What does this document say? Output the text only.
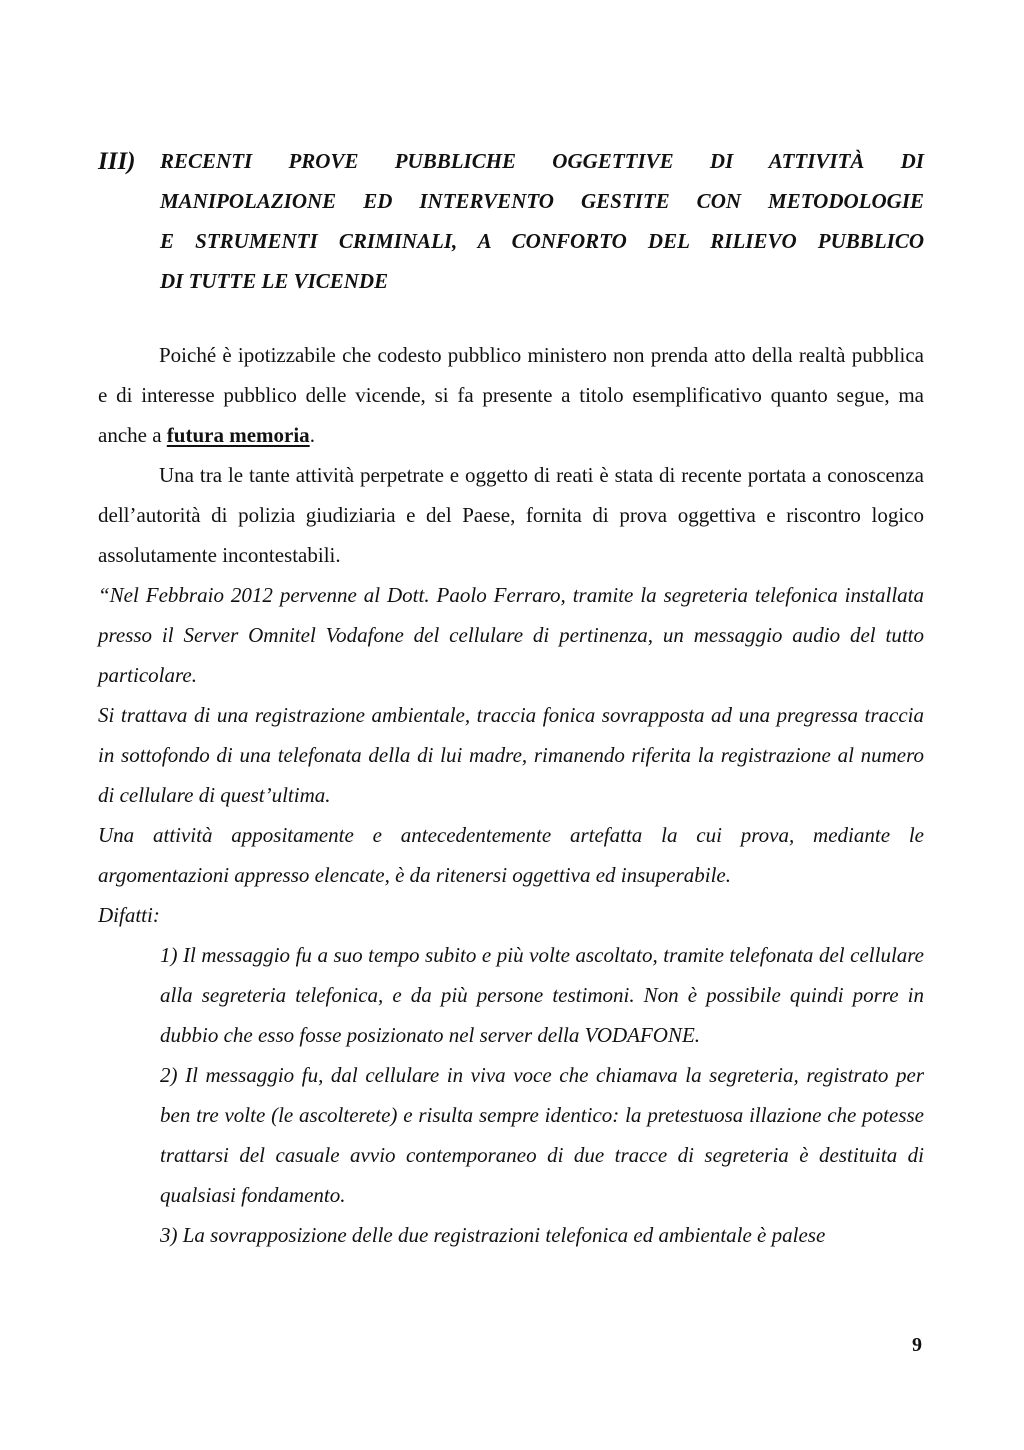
III) RECENTI PROVE PUBBLICHE OGGETTIVE DI ATTIVITÀ DI
MANIPOLAZIONE ED INTERVENTO GESTITE CON METODOLOGIE
E STRUMENTI CRIMINALI, A CONFORTO DEL RILIEVO PUBBLICO
DI TUTTE LE VICENDE

Poiché è ipotizzabile che codesto pubblico ministero non prenda atto della realtà pubblica e di interesse pubblico delle vicende, si fa presente a titolo esemplificativo quanto segue, ma anche a futura memoria.

Una tra le tante attività perpetrate e oggetto di reati è stata di recente portata a conoscenza dell’autorità di polizia giudiziaria e del Paese, fornita di prova oggettiva e riscontro logico assolutamente incontestabili.

“Nel Febbraio 2012 pervenne al Dott. Paolo Ferraro, tramite la segreteria telefonica installata presso il Server Omnitel Vodafone del cellulare di pertinenza, un messaggio audio del tutto particolare.

Si trattava di una registrazione ambientale, traccia fonica sovrapposta ad una pregressa traccia in sottofondo di una telefonata della di lui madre, rimanendo riferita la registrazione al numero di cellulare di quest’ultima.

Una attività appositamente e antecedentemente artefatta la cui prova, mediante le argomentazioni appresso elencate, è da ritenersi oggettiva ed insuperabile.

Difatti:

1) Il messaggio fu a suo tempo subito e più volte ascoltato, tramite telefonata del cellulare alla segreteria telefonica, e da più persone testimoni. Non è possibile quindi porre in dubbio che esso fosse posizionato nel server della VODAFONE.

2) Il messaggio fu, dal cellulare in viva voce che chiamava la segreteria, registrato per ben tre volte (le ascolterete) e risulta sempre identico: la pretestuosa illazione che potesse trattarsi del casuale avvio contemporaneo di due tracce di segreteria è destituita di qualsiasi fondamento.

3) La sovrapposizione delle due registrazioni telefonica ed ambientale è palese

9
